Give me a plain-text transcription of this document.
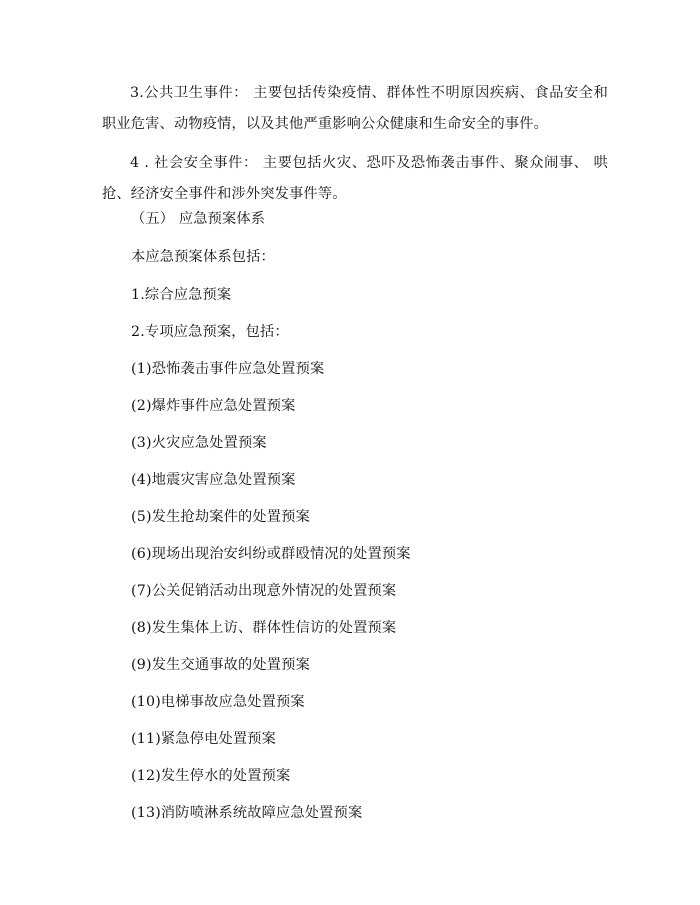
3.公共卫生事件： 主要包括传染疫情、群体性不明原因疾病、食品安全和职业危害、动物疫情，以及其他严重影响公众健康和生命安全的事件。

4 . 社会安全事件： 主要包括火灾、恐吓及恐怖袭击事件、聚众闹事、 哄抢、经济安全事件和涉外突发事件等。

（五） 应急预案体系
本应急预案体系包括：
1.综合应急预案
2.专项应急预案，包括：
(1)恐怖袭击事件应急处置预案
(2)爆炸事件应急处置预案
(3)火灾应急处置预案
(4)地震灾害应急处置预案
(5)发生抢劫案件的处置预案
(6)现场出现治安纠纷或群殴情况的处置预案
(7)公关促销活动出现意外情况的处置预案
(8)发生集体上访、群体性信访的处置预案
(9)发生交通事故的处置预案
(10)电梯事故应急处置预案
(11)紧急停电处置预案
(12)发生停水的处置预案
(13)消防喷淋系统故障应急处置预案
